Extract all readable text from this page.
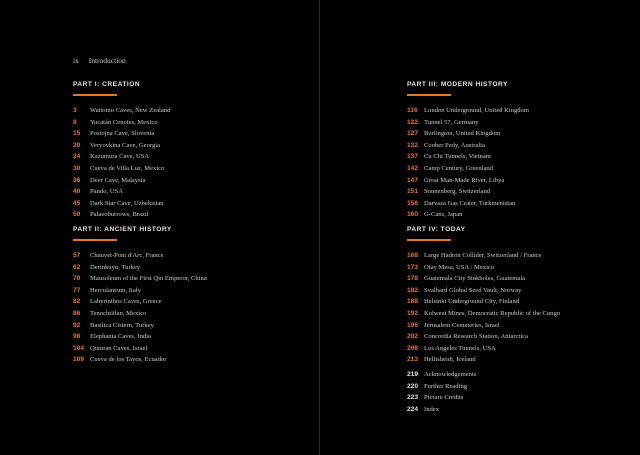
ix Introduction
PART I: CREATION
3 Waitomo Caves, New Zealand
8 Yucatán Cenotes, Mexico
15 Postojna Cave, Slovenia
20 Veryovkina Cave, Georgia
24 Kazumura Cave, USA
30 Cueva de Villa Luz, Mexico
36 Deer Cave, Malaysia
40 Pando, USA
45 Dark Star Cave, Uzbekistan
50 Palaeoburrows, Brazil
PART II: ANCIENT HISTORY
57 Chauvet-Pont d'Arc, France
62 Derinkuyu, Turkey
70 Mausoleum of the First Qin Emperor, China
77 Herculaneum, Italy
82 Labyrinthos Caves, Greece
86 Tenochtitlan, Mexico
92 Basilica Cistern, Turkey
98 Elephanta Caves, India
104 Qumran Caves, Israel
109 Cueva de los Tayos, Ecuador
PART III: MODERN HISTORY
116 London Underground, United Kingdom
122 Tunnel 57, Germany
127 Burlington, United Kingdom
132 Coober Pedy, Australia
137 Cu Chi Tunnels, Vietnam
142 Camp Century, Greenland
147 Great Man-Made River, Libya
151 Sonnenberg, Switzerland
156 Darvaza Gas Crater, Turkmenistan
160 G-Cans, Japan
PART IV: TODAY
168 Large Hadron Collider, Switzerland / France
173 Otay Mesa, USA / Mexico
178 Guatemala City Sinkholes, Guatemala
182 Svalbard Global Seed Vault, Norway
188 Helsinki Underground City, Finland
192 Kolwezi Mines, Democratic Republic of the Congo
196 Jerusalem Cemeteries, Israel
202 Concordia Research Station, Antarctica
208 Los Angeles Tunnels, USA
213 Hellisheidi, Iceland
219 Acknowledgements
220 Further Reading
223 Picture Credits
224 Index
